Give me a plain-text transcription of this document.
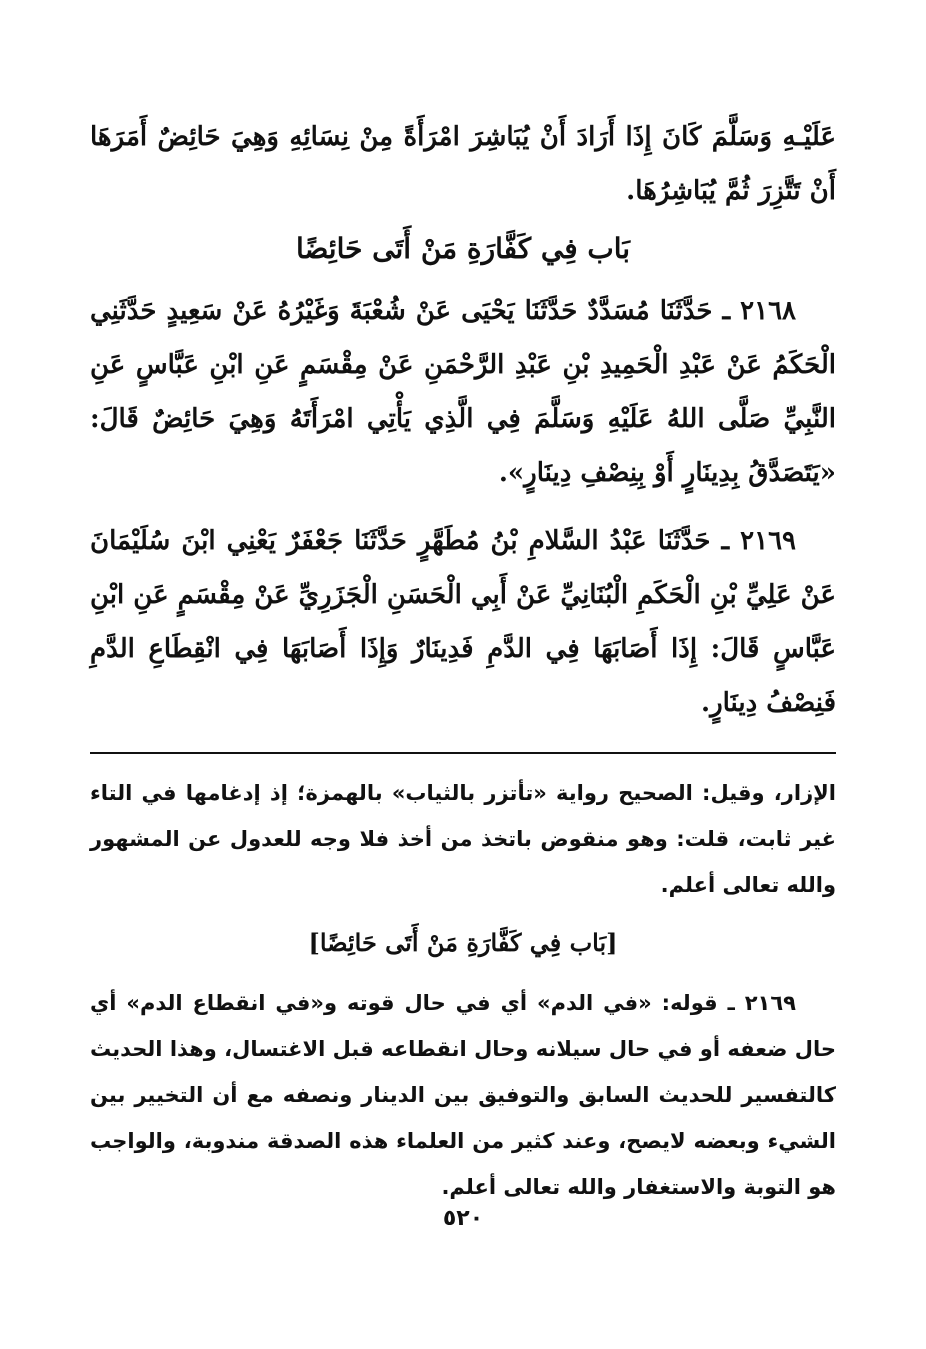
عَلَيْـهِ وَسَلَّمَ كَانَ إِذَا أَرَادَ أَنْ يُبَاشِرَ امْرَأَةً مِنْ نِسَائِهِ وَهِيَ حَائِضٌ أَمَرَهَا أَنْ تَتَّزِرَ ثُمَّ يُبَاشِرُهَا.

بَاب فِي كَفَّارَةِ مَنْ أَتَى حَائِضًا

٢١٦٨ ـ حَدَّثَنَا مُسَدَّدٌ حَدَّثَنَا يَحْيَى عَنْ شُعْبَةَ وَغَيْرُهُ عَنْ سَعِيدٍ حَدَّثَنِي الْحَكَمُ عَنْ عَبْدِ الْحَمِيدِ بْنِ عَبْدِ الرَّحْمَنِ عَنْ مِقْسَمٍ عَنِ ابْنِ عَبَّاسٍ عَنِ النَّبِيِّ صَلَّى اللهُ عَلَيْهِ وَسَلَّمَ فِي الَّذِي يَأْتِي امْرَأَتَهُ وَهِيَ حَائِضٌ قَالَ: «يَتَصَدَّقُ بِدِينَارٍ أَوْ بِنِصْفِ دِينَارٍ».

٢١٦٩ ـ حَدَّثَنَا عَبْدُ السَّلامِ بْنُ مُطَهَّرٍ حَدَّثَنَا جَعْفَرٌ يَعْنِي ابْنَ سُلَيْمَانَ عَنْ عَلِيِّ بْنِ الْحَكَمِ الْبُنَانِيِّ عَنْ أَبِي الْحَسَنِ الْجَزَرِيِّ عَنْ مِقْسَمٍ عَنِ ابْنِ عَبَّاسٍ قَالَ: إِذَا أَصَابَهَا فِي الدَّمِ فَدِينَارٌ وَإِذَا أَصَابَهَا فِي انْقِطَاعِ الدَّمِ فَنِصْفُ دِينَارٍ.

الإزار، وقيل: الصحيح رواية «تأتزر بالثياب» بالهمزة؛ إذ إدغامها في التاء غير ثابت، قلت: وهو منقوض باتخذ من أخذ فلا وجه للعدول عن المشهور والله تعالى أعلم.

[بَاب فِي كَفَّارَةِ مَنْ أَتَى حَائِضًا]

٢١٦٩ ـ قوله: «في الدم» أي في حال قوته و«في انقطاع الدم» أي حال ضعفه أو في حال سيلانه وحال انقطاعه قبل الاغتسال، وهذا الحديث كالتفسير للحديث السابق والتوفيق بين الدينار ونصفه مع أن التخيير بين الشيء وبعضه لايصح، وعند كثير من العلماء هذه الصدقة مندوبة، والواجب هو التوبة والاستغفار والله تعالى أعلم.

٥٢٠
